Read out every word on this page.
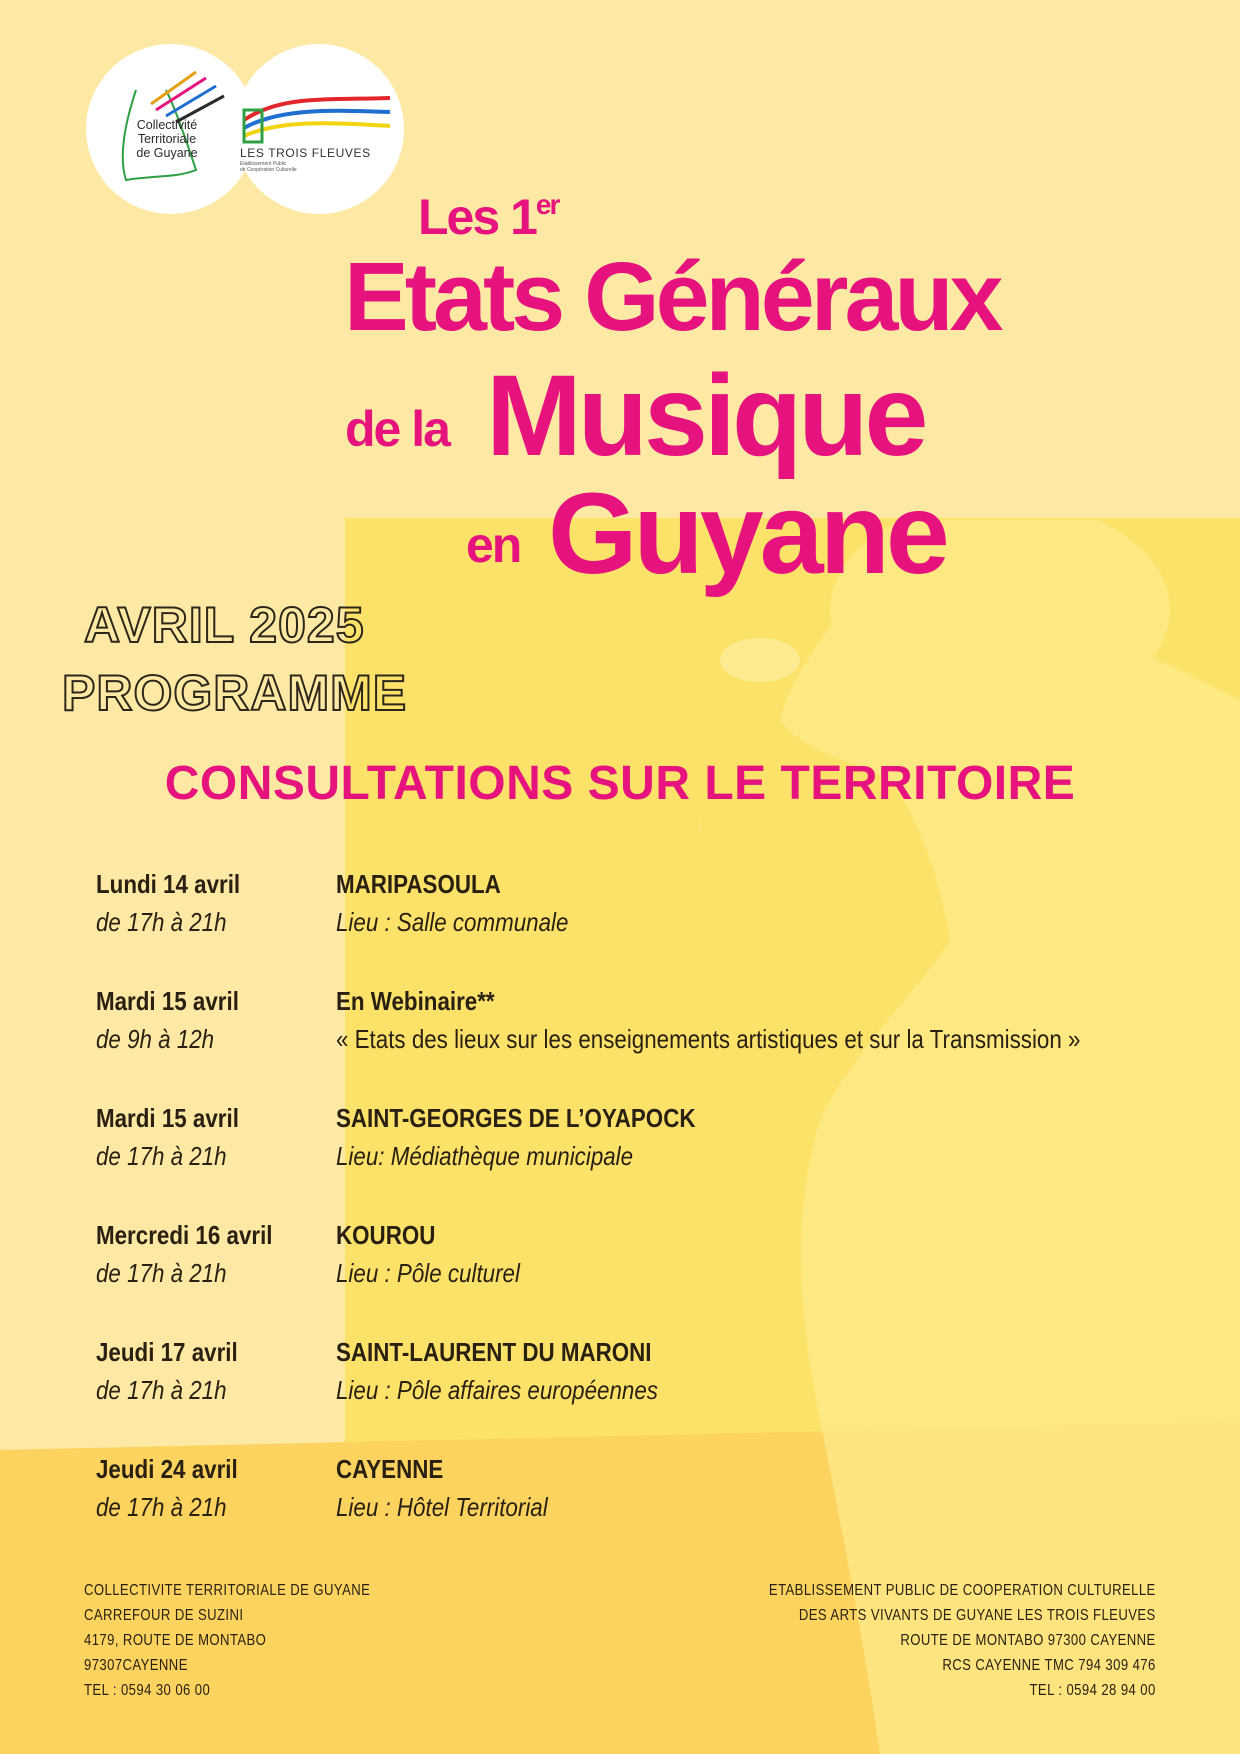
Collectivité
Territoriale
de Guyane	LES TROIS FLEUVES
Etablissement Public
de Coopération Culturelle
Les 1er
Etats Généraux
de la Musique
en Guyane
AVRIL 2025
PROGRAMME
CONSULTATIONS SUR LE TERRITOIRE
Lundi 14 avril
de 17h à 21h
MARIPASOULA
Lieu : Salle communale
Mardi 15 avril
de 9h à 12h
En Webinaire**
« Etats des lieux sur les enseignements artistiques et sur la Transmission »
Mardi 15 avril
de 17h à 21h
SAINT-GEORGES DE L’OYAPOCK
Lieu: Médiathèque municipale
Mercredi 16 avril
de 17h à 21h
KOUROU
Lieu : Pôle culturel
Jeudi 17 avril
de 17h à 21h
SAINT-LAURENT DU MARONI
Lieu : Pôle affaires européennes
Jeudi 24 avril
de 17h à 21h
CAYENNE
Lieu : Hôtel Territorial
COLLECTIVITE TERRITORIALE DE GUYANE
CARREFOUR DE SUZINI
4179, ROUTE DE MONTABO
97307CAYENNE
TEL : 0594 30 06 00
ETABLISSEMENT PUBLIC DE COOPERATION CULTURELLE
DES ARTS VIVANTS DE GUYANE LES TROIS FLEUVES
ROUTE DE MONTABO 97300 CAYENNE
RCS CAYENNE TMC 794 309 476
TEL : 0594 28 94 00
